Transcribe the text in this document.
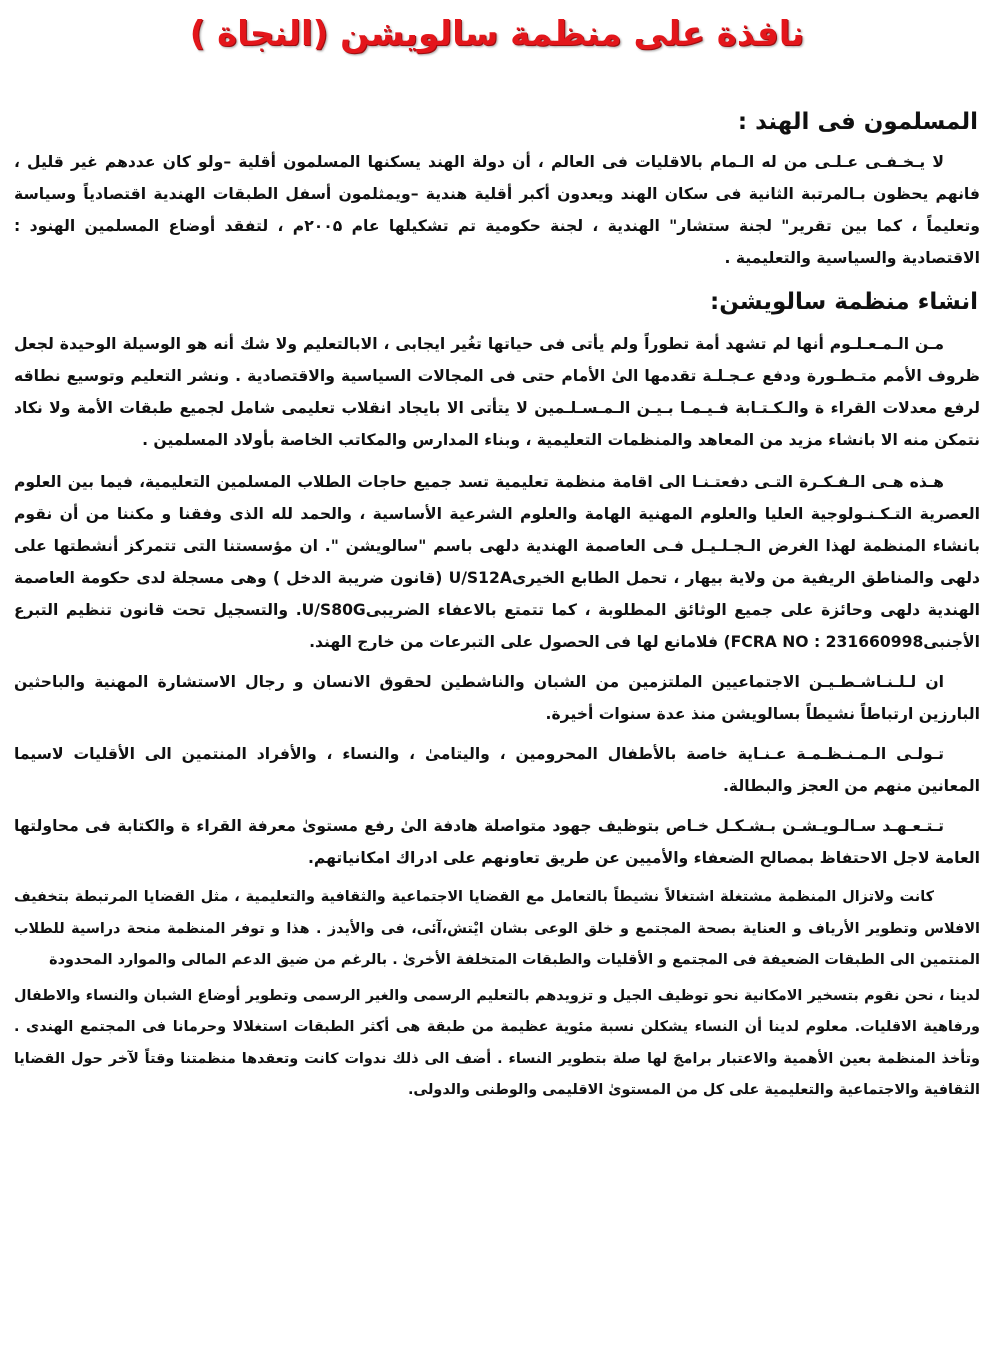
نافذة على منظمة سالويشن (النجاة )
المسلمون فى الهند :

لا يـخـفـى عـلـى من له الـمام بالاقليات فى العالم ، أن دولة الهند يسكنها المسلمون أقلية –ولو كان عددهم غير قليل ، فانهم يحظون بـالمرتبة الثانية فى سكان الهند ويعدون أكبر أقلية هندية –ويمثلمون أسفل الطبقات الهندية اقتصادياً وسياسة وتعليماً ، كما بين تقرير" لجنة ستشار" الهندية ، لجنة حكومية تم تشكيلها عام ۲۰۰۵م ، لتفقد أوضاع المسلمين الهنود : الاقتصادية والسياسية والتعليمية .

انشاء منظمة سالويشن:

مـن الـمـعـلـوم أنها لم تشهد أمة تطوراً ولم يأتى فى حياتها تغُير ايجابى ، الابالتعليم ولا شك أنه هو الوسيلة الوحيدة لجعل ظروف الأمم متـطـورة ودفع عـجـلـة تقدمها الىٰ الأمام حتى فى المجالات السياسية والاقتصادية . ونشر التعليم وتوسيع نطاقه لرفع معدلات القراء ة والـكـتـابة فـيـمـا بـيـن الـمـسـلـمين لا يتأتى الا بايجاد انقلاب تعليمى شامل لجميع طبقات الأمة ولا نكاد نتمكن منه الا بانشاء مزيد من المعاهد والمنظمات التعليمية ، وبناء المدارس والمكاتب الخاصة بأولاد المسلمين .

هـذه هـى الـفـكـرة التـى دفعتـنـا الى اقامة منظمة تعليمية تسد جميع حاجات الطلاب المسلمين التعليمية، فيما بين العلوم العصرية التـكـنـولوجية العليا والعلوم المهنية الهامة والعلوم الشرعية الأساسية ، والحمد لله الذى وفقنا و مكننا من أن نقوم بانشاء المنظمة لهذا الغرض الـجـلـيـل فـى العاصمة الهندية دلهى باسم "سالويشن ". ان مؤسستنا التى تتمركز أنشطتها على دلهى والمناطق الريفية من ولاية بيهار ، تحمل الطابع الخيرىU/S12A (قانون ضريبة الدخل ) وهى مسجلة لدى حكومة العاصمة الهندية دلهى وحائزة على جميع الوثائق المطلوبة ، كما تتمتع بالاعفاء الضريبىU/S80G. والتسجيل تحت قانون تنظيم التبرع الأجنبىFCRA NO : 231660998) فلامانع لها فى الحصول على التبرعات من خارج الهند.

ان لـلـنـاشـطـيـن الاجتماعيين الملتزمين من الشبان والناشطين لحقوق الانسان و رجال الاستشارة المهنية والباحثين البارزين ارتباطاً نشيطاً بسالويشن منذ عدة سنوات أخيرة.

تـولـى الـمـنـظـمـة عـنـاية خاصة بالأطفال المحرومين ، واليتامىٰ ، والنساء ، والأفراد المنتمين الى الأقليات لاسيما المعانين منهم من العجز والبطالة.

تـتـعـهـد سـالـويـشـن بـشـكـل خـاص بتوظيف جهود متواصلة هادفة الىٰ رفع مستوىٰ معرفة القراء ة والكتابة فى محاولتها العامة لاجل الاحتفاظ بمصالح الضعفاء والأميين عن طريق تعاونهم على ادراك امكانياتهم.

كانت ولاتزال المنظمة مشتغلة اشتغالاً نشيطاً بالتعامل مع القضايا الاجتماعية والثقافية والتعليمية ، مثل القضايا المرتبطة بتخفيف الافلاس وتطوير الأرياف و العناية بصحة المجتمع و خلق الوعى بشان ايْتش،آئى، فى والأيدز . هذا و توفر المنظمة منحة دراسية للطلاب المنتمين الى الطبقات الضعيفة فى المجتمع و الأقليات والطبقات المتخلفة الأخرىٰ . بالرغم من ضيق الدعم المالى والموارد المحدودة

لدينا ، نحن نقوم بتسخير الامكانية نحو توظيف الجيل و تزويدهم بالتعليم الرسمى والغير الرسمى وتطوير أوضاع الشبان والنساء والاطفال ورفاهية الاقليات. معلوم لدينا أن النساء يشكلن نسبة مئوية عظيمة من طبقة هى أكثر الطبقات استغلالا وحرمانا فى المجتمع الهندى . وتأخذ المنظمة بعين الأهمية والاعتبار برامجَ لها صلة بتطوير النساء . أضف الى ذلك ندوات كانت وتعقدها منظمتنا وقتاً لآخر حول القضايا الثقافية والاجتماعية والتعليمية على كل من المستوىٰ الاقليمى والوطنى والدولى.
